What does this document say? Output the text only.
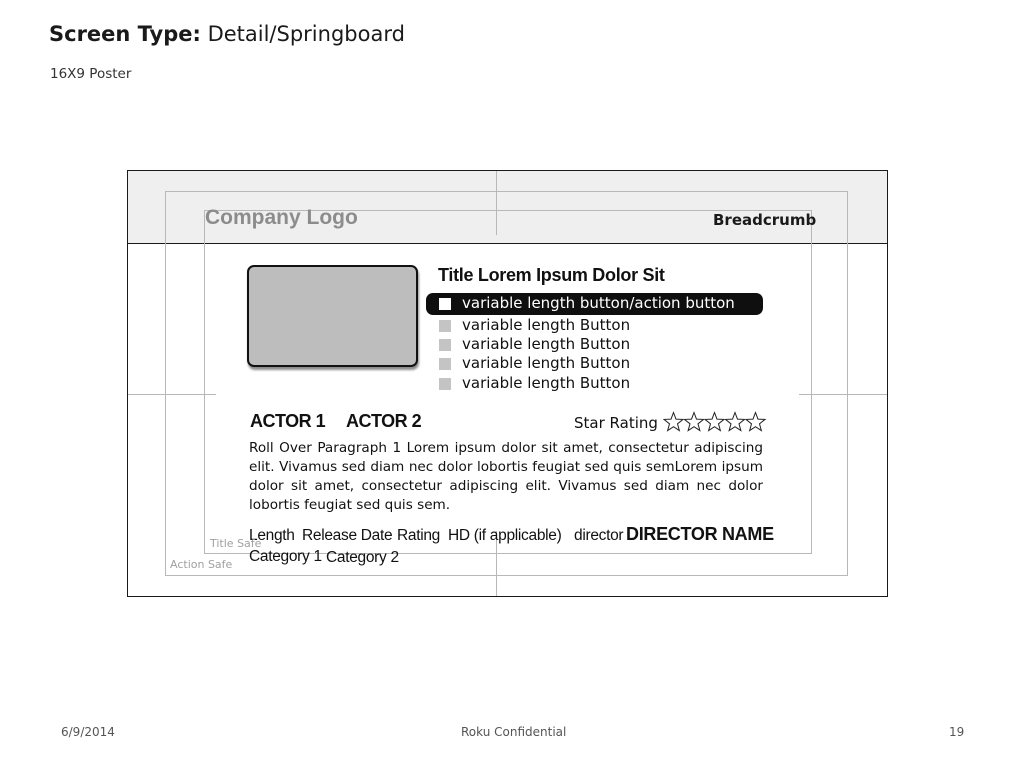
Screen Type: Detail/Springboard
16X9 Poster
Company Logo	Breadcrumb
Title Lorem Ipsum Dolor Sit
variable length button/action button
variable length Button
variable length Button
variable length Button
variable length Button
ACTOR 1 ACTOR 2	Star Rating
Roll Over Paragraph 1 Lorem ipsum dolor sit amet, consectetur adipiscing elit. Vivamus sed diam nec dolor lobortis feugiat sed quis semLorem ipsum dolor sit amet, consectetur adipiscing elit. Vivamus sed diam nec dolor lobortis feugiat sed quis sem.
Length Release Date Rating HD (if applicable) director DIRECTOR NAME
Category 1 Category 2
Title Safe
Action Safe
6/9/2014	Roku Confidential	19
